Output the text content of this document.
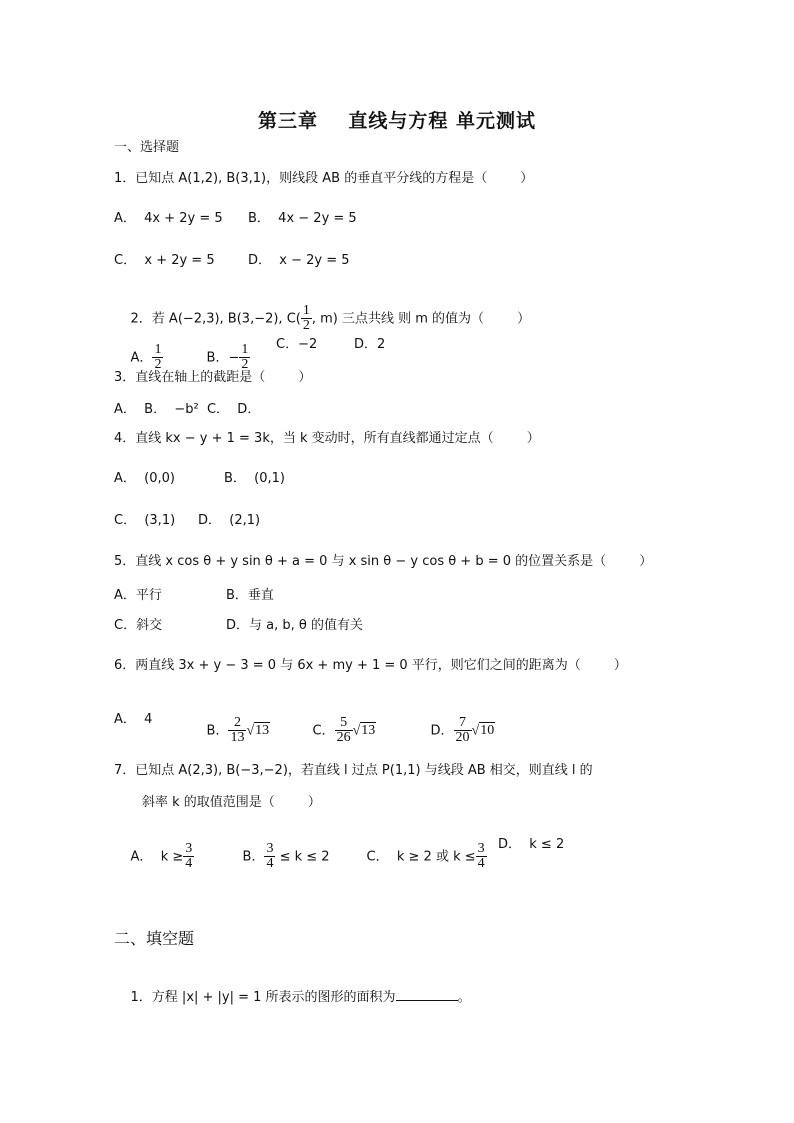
第三章    直线与方程 单元测试
一、选择题
1．已知点 A(1,2), B(3,1)，则线段 AB 的垂直平分线的方程是（        ）
A．  4x + 2y = 5 B．  4x − 2y = 5
C．  x + 2y = 5	D．  x − 2y = 5

2．若 A(−2,3), B(3,−2), $C( \frac{1}{2}$ , m) 三点共线 则 m 的值为（        ）

A． $\frac{1}{2}$

	B．− $\frac{1}{2}$

C．−2	D．2
3．直线在轴上的截距是（        ）
A．  B．  −b²  C．  D．
4．直线 kx − y + 1 = 3k，当 k 变动时，所有直线都通过定点（        ）
A．  (0,0)	B．  (0,1)
C．  (3,1) D．  (2,1)
5．直线 x cos θ + y sin θ + a = 0 与 x sin θ − y cos θ + b = 0 的位置关系是（        ）
A．平行	B．垂直
C．斜交	D．与 a, b, θ 的值有关
6．两直线 3x + y − 3 = 0 与 6x + my + 1 = 0 平行，则它们之间的距离为（        ）
A．  4

B． $\frac{2}{13} √13$
	C． $\frac{5}{26} √13$
	D． $\frac{7}{20} √10$

7．已知点 A(2,3), B(−3,−2)，若直线 l 过点 P(1,1) 与线段 AB 相交，则直线 l 的
斜率 k 的取值范围是（        ）

A．  $k \ge \frac{3}{4}$

	B． $\frac{3}{4} \le k \le 2$
	C．  k ≥ 2 或 $k \le \frac{3}{4}$

D．  k ≤ 2
二、填空题

1．方程 |x| + |y| = 1 所表示的图形的面积为	。
